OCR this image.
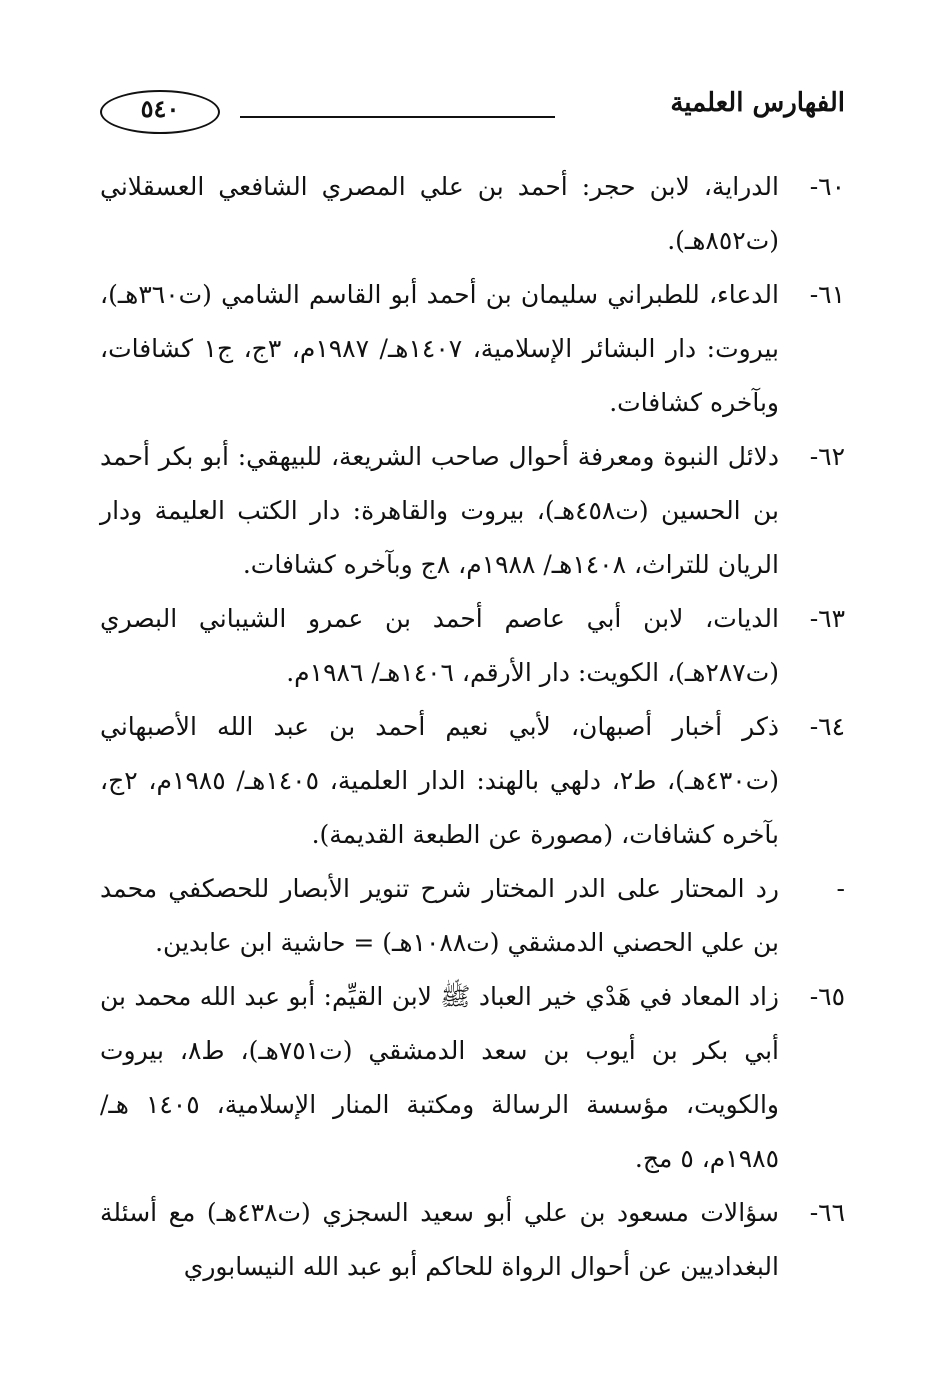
٥٤٠	الفهارس العلمية

٦٠-
الدراية، لابن حجر: أحمد بن علي المصري الشافعي العسقلاني (ت٨٥٢هـ).

٦١-
الدعاء، للطبراني سليمان بن أحمد أبو القاسم الشامي (ت٣٦٠هـ)، بيروت: دار البشائر الإسلامية، ١٤٠٧هـ/ ١٩٨٧م، ٣ج، ج١ كشافات، وبآخره كشافات.

٦٢-
دلائل النبوة ومعرفة أحوال صاحب الشريعة، للبيهقي: أبو بكر أحمد بن الحسين (ت٤٥٨هـ)، بيروت والقاهرة: دار الكتب العليمة ودار الريان للتراث، ١٤٠٨هـ/ ١٩٨٨م، ٨ج وبآخره كشافات.

٦٣-
الديات، لابن أبي عاصم أحمد بن عمرو الشيباني البصري (ت٢٨٧هـ)، الكويت: دار الأرقم، ١٤٠٦هـ/ ١٩٨٦م.

٦٤-
ذكر أخبار أصبهان، لأبي نعيم أحمد بن عبد الله الأصبهاني (ت٤٣٠هـ)، ط٢، دلهي بالهند: الدار العلمية، ١٤٠٥هـ/ ١٩٨٥م، ٢ج، بآخره كشافات، (مصورة عن الطبعة القديمة).

-
رد المحتار على الدر المختار شرح تنوير الأبصار للحصكفي محمد بن علي الحصني الدمشقي (ت١٠٨٨هـ) = حاشية ابن عابدين.

٦٥-
زاد المعاد في هَدْي خير العباد ﷺ لابن القيِّم: أبو عبد الله محمد بن أبي بكر بن أيوب بن سعد الدمشقي (ت٧٥١هـ)، ط٨، بيروت والكويت، مؤسسة الرسالة ومكتبة المنار الإسلامية، ١٤٠٥ هـ/ ١٩٨٥م، ٥ مج.

٦٦-
سؤالات مسعود بن علي أبو سعيد السجزي (ت٤٣٨هـ) مع أسئلة البغداديين عن أحوال الرواة للحاكم أبو عبد الله النيسابوري
